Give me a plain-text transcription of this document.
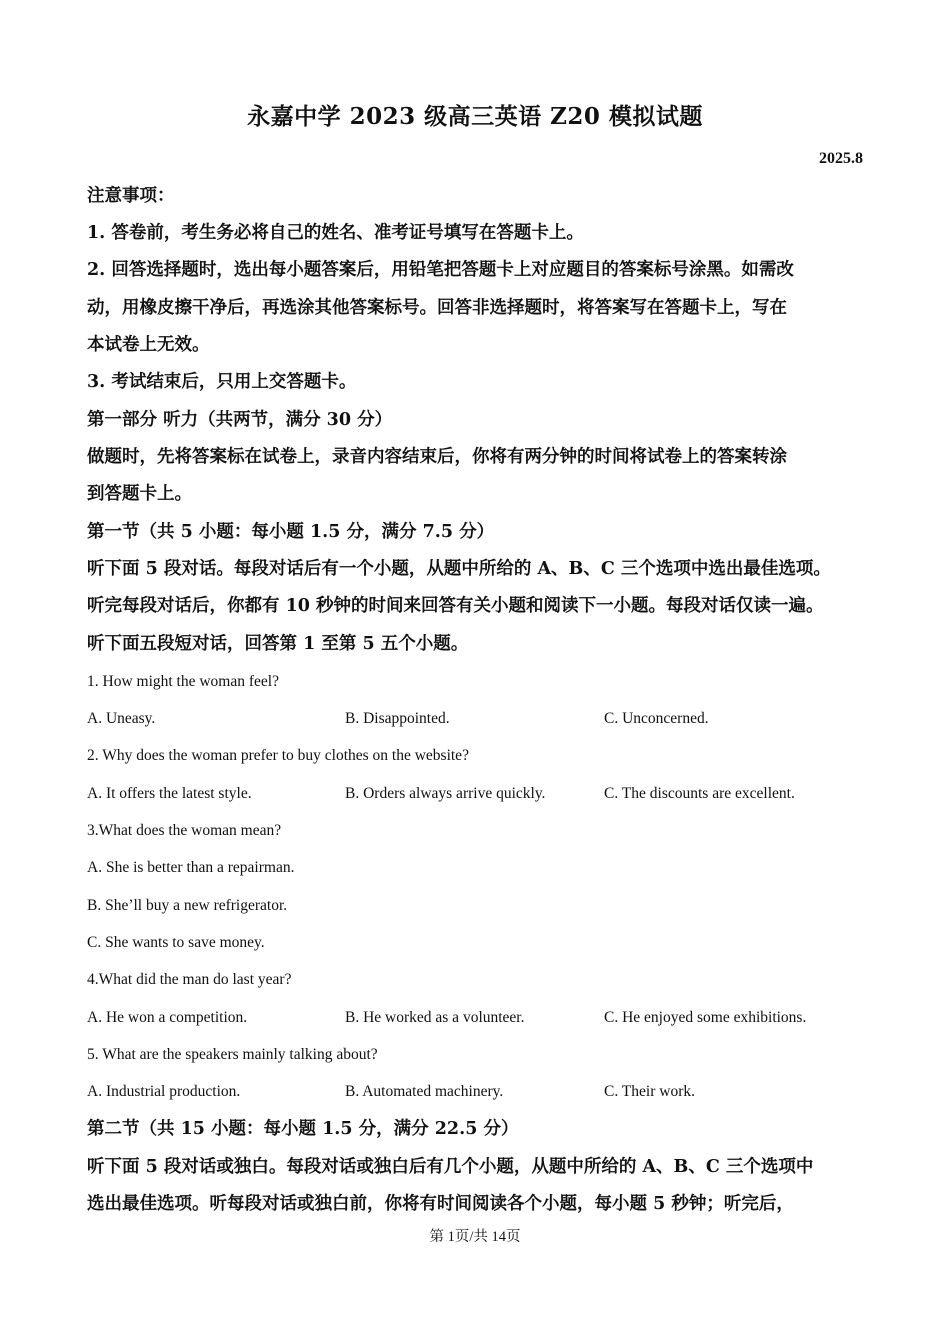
永嘉中学 2023 级高三英语 Z20 模拟试题
2025.8
注意事项：
1. 答卷前，考生务必将自己的姓名、准考证号填写在答题卡上。
2. 回答选择题时，选出每小题答案后，用铅笔把答题卡上对应题目的答案标号涂黑。如需改
动，用橡皮擦干净后，再选涂其他答案标号。回答非选择题时，将答案写在答题卡上，写在
本试卷上无效。
3. 考试结束后，只用上交答题卡。
第一部分 听力（共两节，满分 30 分）
做题时，先将答案标在试卷上，录音内容结束后，你将有两分钟的时间将试卷上的答案转涂
到答题卡上。
第一节（共 5 小题：每小题 1.5 分，满分 7.5 分）
听下面 5 段对话。每段对话后有一个小题，从题中所给的 A、B、C 三个选项中选出最佳选项。
听完每段对话后，你都有 10 秒钟的时间来回答有关小题和阅读下一小题。每段对话仅读一遍。
听下面五段短对话，回答第 1 至第 5 五个小题。
1. How might the woman feel?
A. Uneasy.	B. Disappointed.	C. Unconcerned.
2. Why does the woman prefer to buy clothes on the website?
A. It offers the latest style.	B. Orders always arrive quickly.	C. The discounts are excellent.
3.What does the woman mean?
A. She is better than a repairman.
B. She’ll buy a new refrigerator.
C. She wants to save money.
4.What did the man do last year?
A. He won a competition.	B. He worked as a volunteer.	C. He enjoyed some exhibitions.
5. What are the speakers mainly talking about?
A. Industrial production.	B. Automated machinery.	C. Their work.
第二节（共 15 小题：每小题 1.5 分，满分 22.5 分）
听下面 5 段对话或独白。每段对话或独白后有几个小题，从题中所给的 A、B、C 三个选项中
选出最佳选项。听每段对话或独白前，你将有时间阅读各个小题，每小题 5 秒钟；听完后，
第 1页/共 14页
